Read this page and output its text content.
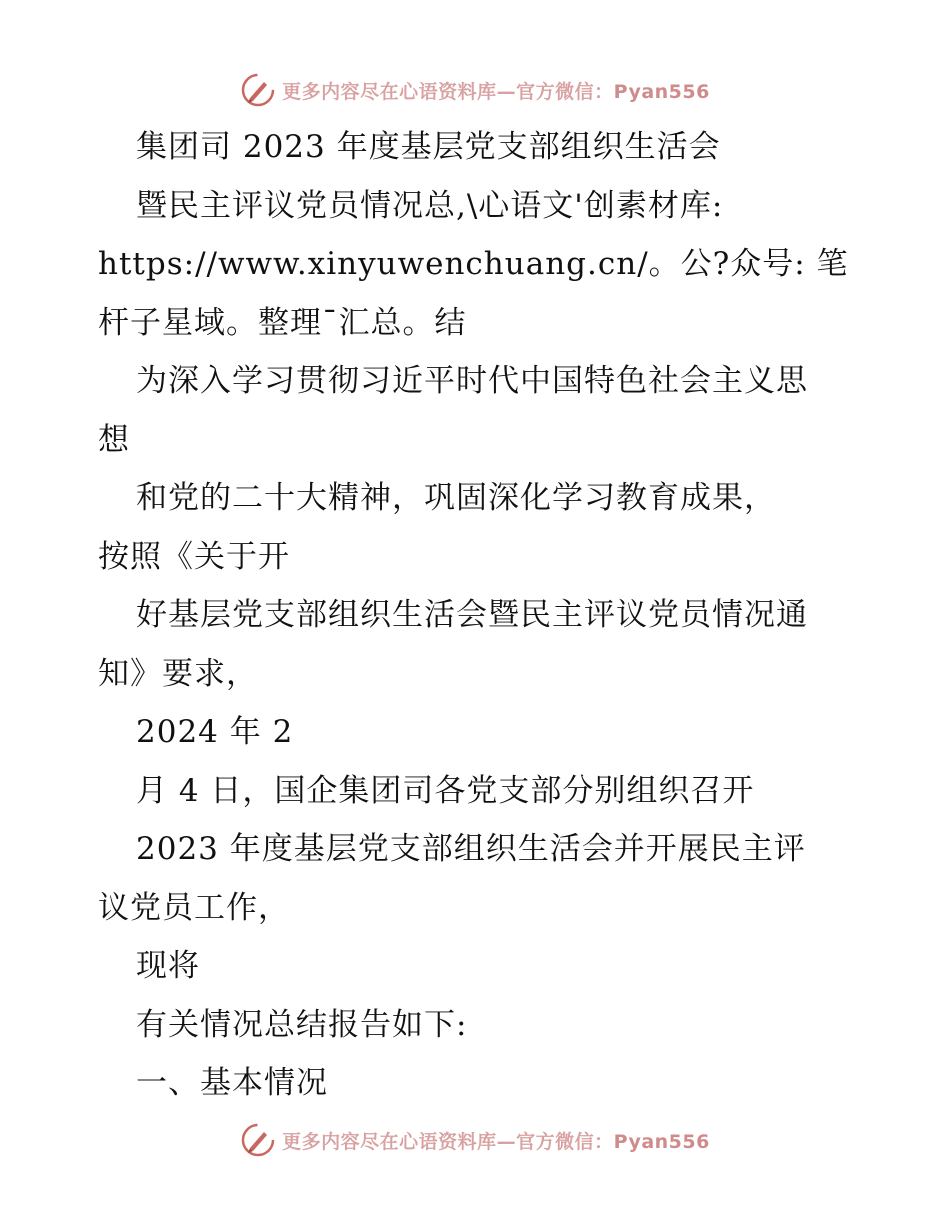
更多内容尽在心语资料库—官方微信：Pyan556
集团司 2023 年度基层党支部组织生活会
暨民主评议党员情况总,\心语文'创素材库:
https://www.xinyuwenchuang.cn/。公?众号: 笔
杆子星域。整理¯汇总。结
为深入学习贯彻习近平时代中国特色社会主义思
想
和党的二十大精神，巩固深化学习教育成果，
按照《关于开
好基层党支部组织生活会暨民主评议党员情况通
知》要求，
2024 年 2
月 4 日，国企集团司各党支部分别组织召开
2023 年度基层党支部组织生活会并开展民主评
议党员工作，
现将
有关情况总结报告如下:
一、基本情况
更多内容尽在心语资料库—官方微信：Pyan556
